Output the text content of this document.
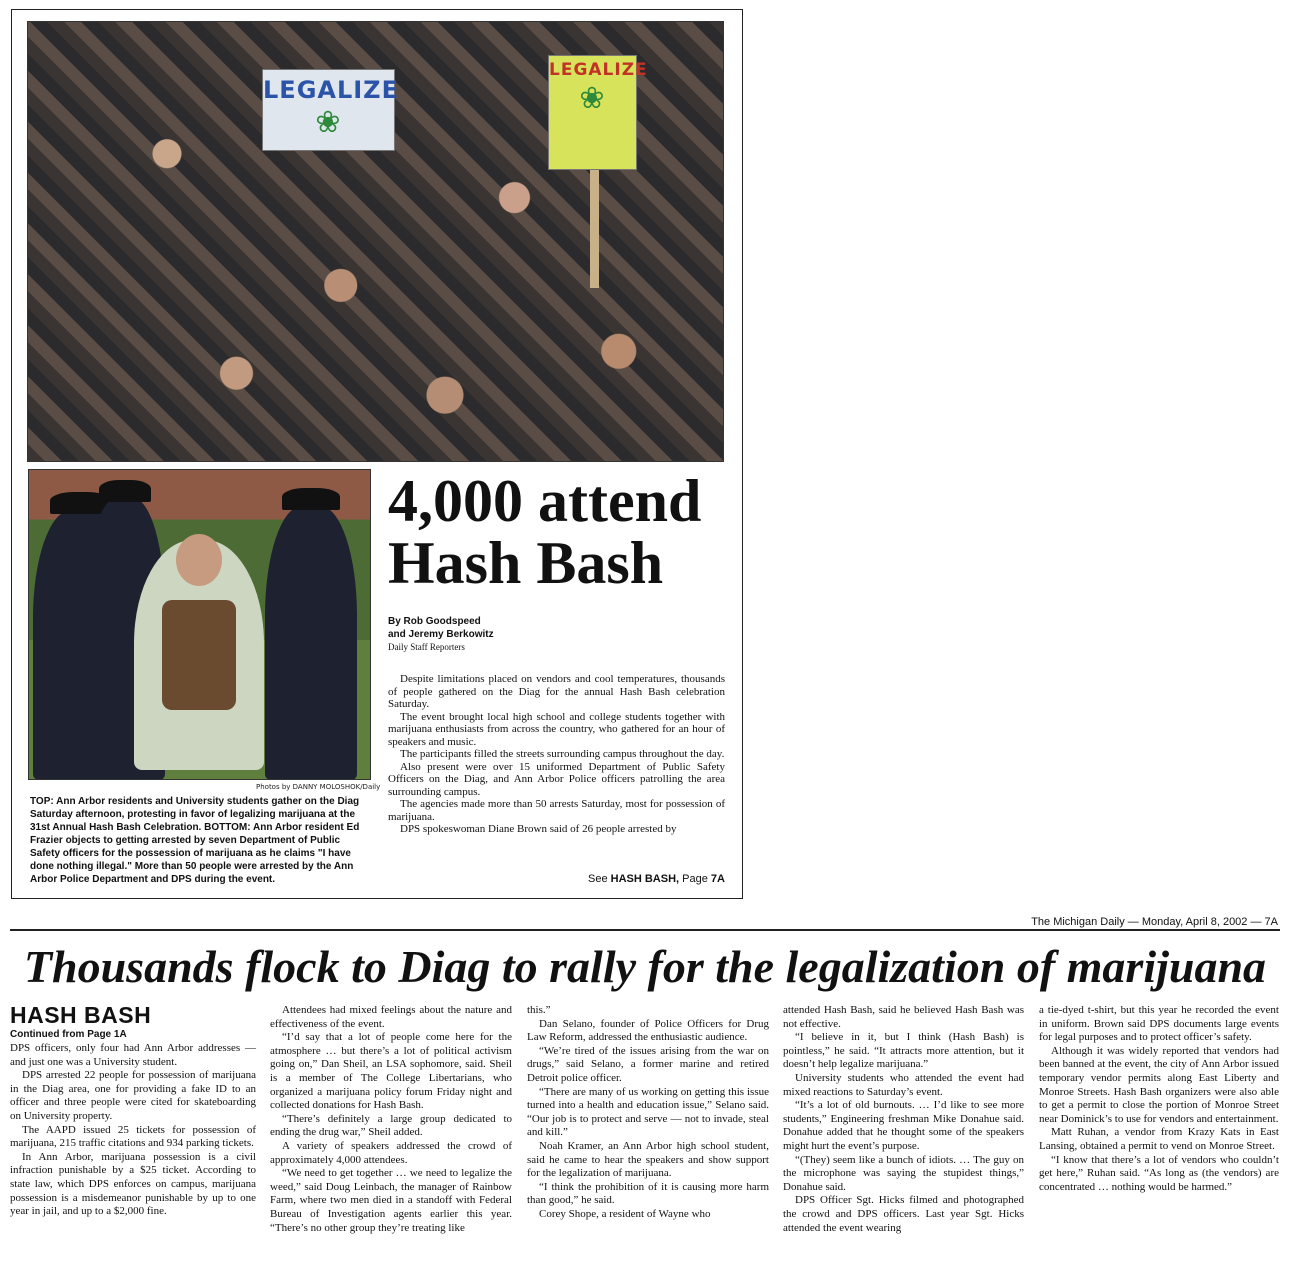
LEGALIZE
❀
LEGALIZE
❀
Photos by DANNY MOLOSHOK/Daily

TOP: Ann Arbor residents and University students gather on the Diag Saturday afternoon, protesting in favor of legalizing marijuana at the 31st Annual Hash Bash Celebration. BOTTOM: Ann Arbor resident Ed Frazier objects to getting arrested by seven Department of Public Safety officers for the possession of marijuana as he claims "I have done nothing illegal." More than 50 people were arrested by the Ann Arbor Police Department and DPS during the event.

4,000 attend
Hash Bash
By Rob Goodspeed
and Jeremy Berkowitz
Daily Staff Reporters

Despite limitations placed on vendors and cool temperatures, thousands of people gathered on the Diag for the annual Hash Bash celebration Saturday.

The event brought local high school and college students together with marijuana enthusiasts from across the country, who gathered for an hour of speakers and music.

The participants filled the streets surrounding campus throughout the day.

Also present were over 15 uniformed Department of Public Safety Officers on the Diag, and Ann Arbor Police officers patrolling the area surrounding campus.

The agencies made more than 50 arrests Saturday, most for possession of marijuana.

DPS spokeswoman Diane Brown said of 26 people arrested by

See HASH BASH, Page 7A
The Michigan Daily — Monday, April 8, 2002 — 7A
Thousands flock to Diag to rally for the legalization of marijuana
HASH BASH
Continued from Page 1A

DPS officers, only four had Ann Arbor addresses — and just one was a University student.

DPS arrested 22 people for possession of marijuana in the Diag area, one for providing a fake ID to an officer and three people were cited for skateboarding on University property.

The AAPD issued 25 tickets for possession of marijuana, 215 traffic citations and 934 parking tickets.

In Ann Arbor, marijuana possession is a civil infraction punishable by a $25 ticket. According to state law, which DPS enforces on campus, marijuana possession is a misdemeanor punishable by up to one year in jail, and up to a $2,000 fine.

Attendees had mixed feelings about the nature and effectiveness of the event.

“I’d say that a lot of people come here for the atmosphere … but there’s a lot of political activism going on,” Dan Sheil, an LSA sophomore, said. Sheil is a member of The College Libertarians, who organized a marijuana policy forum Friday night and collected donations for Hash Bash.

“There’s definitely a large group dedicated to ending the drug war,” Sheil added.

A variety of speakers addressed the crowd of approximately 4,000 attendees.

“We need to get together … we need to legalize the weed,” said Doug Leinbach, the manager of Rainbow Farm, where two men died in a standoff with Federal Bureau of Investigation agents earlier this year. “There’s no other group they’re treating like

this.”

Dan Selano, founder of Police Officers for Drug Law Reform, addressed the enthusiastic audience.

“We’re tired of the issues arising from the war on drugs,” said Selano, a former marine and retired Detroit police officer.

“There are many of us working on getting this issue turned into a health and education issue,” Selano said. “Our job is to protect and serve — not to invade, steal and kill.”

Noah Kramer, an Ann Arbor high school student, said he came to hear the speakers and show support for the legalization of marijuana.

“I think the prohibition of it is causing more harm than good,” he said.

Corey Shope, a resident of Wayne who

attended Hash Bash, said he believed Hash Bash was not effective.

“I believe in it, but I think (Hash Bash) is pointless,” he said. “It attracts more attention, but it doesn’t help legalize marijuana.”

University students who attended the event had mixed reactions to Saturday’s event.

“It’s a lot of old burnouts. … I’d like to see more students,” Engineering freshman Mike Donahue said. Donahue added that he thought some of the speakers might hurt the event’s purpose.

“(They) seem like a bunch of idiots. … The guy on the microphone was saying the stupidest things,” Donahue said.

DPS Officer Sgt. Hicks filmed and photographed the crowd and DPS officers. Last year Sgt. Hicks attended the event wearing

a tie-dyed t-shirt, but this year he recorded the event in uniform. Brown said DPS documents large events for legal purposes and to protect officer’s safety.

Although it was widely reported that vendors had been banned at the event, the city of Ann Arbor issued temporary vendor permits along East Liberty and Monroe Streets. Hash Bash organizers were also able to get a permit to close the portion of Monroe Street near Dominick’s to use for vendors and entertainment.

Matt Ruhan, a vendor from Krazy Kats in East Lansing, obtained a permit to vend on Monroe Street.

“I know that there’s a lot of vendors who couldn’t get here,” Ruhan said. “As long as (the vendors) are concentrated … nothing would be harmed.”
